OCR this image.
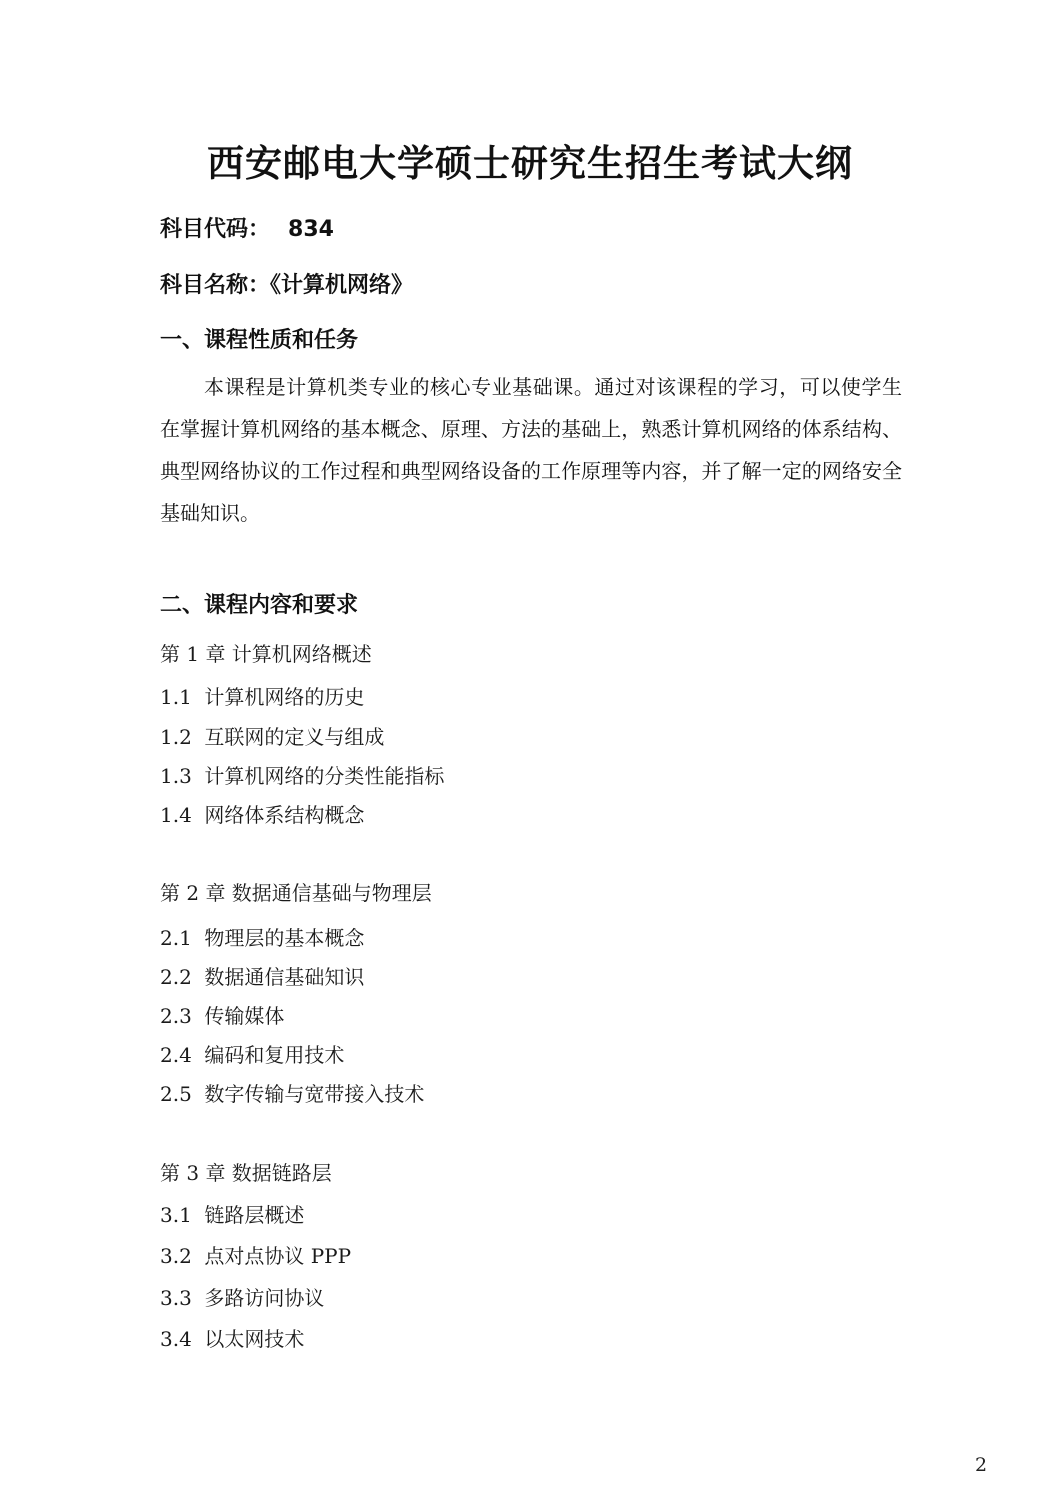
西安邮电大学硕士研究生招生考试大纲
科目代码： 834
科目名称：《计算机网络》
一、课程性质和任务

本课程是计算机类专业的核心专业基础课。通过对该课程的学习，可以使学生在掌握计算机网络的基本概念、原理、方法的基础上，熟悉计算机网络的体系结构、典型网络协议的工作过程和典型网络设备的工作原理等内容，并了解一定的网络安全基础知识。

二、课程内容和要求
第 1 章 计算机网络概述
1.1 计算机网络的历史
1.2 互联网的定义与组成
1.3 计算机网络的分类性能指标
1.4 网络体系结构概念
第 2 章 数据通信基础与物理层
2.1 物理层的基本概念
2.2 数据通信基础知识
2.3 传输媒体
2.4 编码和复用技术
2.5 数字传输与宽带接入技术
第 3 章 数据链路层
3.1 链路层概述
3.2 点对点协议 PPP
3.3 多路访问协议
3.4 以太网技术
2
